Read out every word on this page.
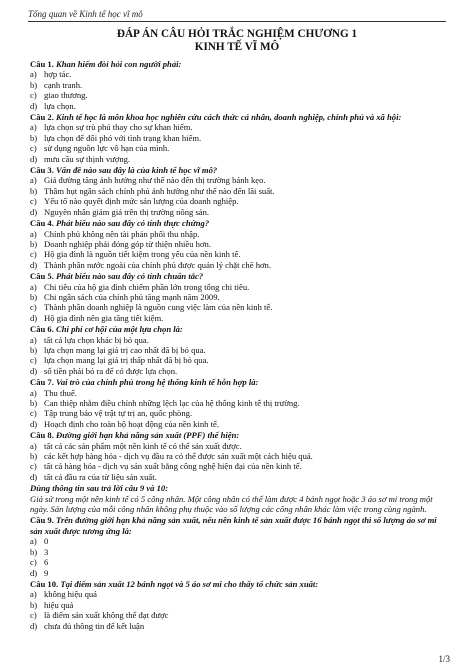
Tổng quan về Kinh tế học vĩ mô
ĐÁP ÁN CÂU HỎI TRẮC NGHIỆM CHƯƠNG 1
KINH TẾ VĨ MÔ
Câu 1. Khan hiếm đòi hỏi con người phải:
a) hợp tác.
b) cạnh tranh.
c) giao thương.
d) lựa chọn.
Câu 2. Kinh tế học là môn khoa học nghiên cứu cách thức cá nhân, doanh nghiệp, chính phủ và xã hội:
a) lựa chọn sự trù phú thay cho sự khan hiếm.
b) lựa chọn để đối phó với tình trạng khan hiếm.
c) sử dụng nguồn lực vô hạn của mình.
d) mưu cầu sự thịnh vượng.
Câu 3. Vấn đề nào sau đây là của kinh tế học vĩ mô?
a) Giá đường tăng ảnh hưởng như thế nào đến thị trường bánh kẹo.
b) Thâm hụt ngân sách chính phủ ảnh hưởng như thế nào đến lãi suất.
c) Yếu tố nào quyết định mức sản lượng của doanh nghiệp.
d) Nguyên nhân giảm giá trên thị trường nông sản.
Câu 4. Phát biểu nào sau đây có tính thực chứng?
a) Chính phủ không nên tài phán phối thu nhập.
b) Doanh nghiệp phải đóng góp từ thiện nhiều hơn.
c) Hộ gia đình là nguồn tiết kiệm trong yếu của nền kinh tế.
d) Thành phần nước ngoài của chính phủ được quản lý chặt chẽ hơn.
Câu 5. Phát biểu nào sau đây có tính chuẩn tắc?
a) Chi tiêu của hộ gia đình chiếm phần lớn trong tổng chi tiêu.
b) Chi ngân sách của chính phủ tăng mạnh năm 2009.
c) Thành phần doanh nghiệp là nguồn cung việc làm của nền kinh tế.
d) Hộ gia đình nên gia tăng tiết kiệm.
Câu 6. Chi phí cơ hội của một lựa chọn là:
a) tất cả lựa chọn khác bị bỏ qua.
b) lựa chọn mang lại giá trị cao nhất đã bị bỏ qua.
c) lựa chọn mang lại giá trị thấp nhất đã bị bỏ qua.
d) số tiền phải bỏ ra để có được lựa chọn.
Câu 7. Vai trò của chính phủ trong hệ thống kinh tế hỗn hợp là:
a) Thu thuế.
b) Can thiệp nhằm điều chỉnh những lệch lạc của hệ thống kinh tế thị trường.
c) Tập trung bảo vệ trật tự trị an, quốc phòng.
d) Hoạch định cho toàn bộ hoạt động của nền kinh tế.
Câu 8. Đường giới hạn khả năng sản xuất (PPF) thể hiện:
a) tất cả các sản phẩm một nền kinh tế có thể sản xuất được.
b) các kết hợp hàng hóa - dịch vụ đầu ra có thể được sản xuất một cách hiệu quả.
c) tất cả hàng hóa - dịch vụ sản xuất bằng công nghệ hiện đại của nền kinh tế.
d) tất cả đầu ra của từ liệu sản xuất.
Dùng thông tin sau trả lời câu 9 và 10:
Giả sử trong một nền kinh tế có 5 công nhân. Một công nhân có thể làm được 4 bánh ngọt hoặc 3 áo sơ mi trong một ngày. Sản lượng của mỗi công nhân không phụ thuộc vào số lượng các công nhân khác làm việc trong cùng ngành.
Câu 9. Trên đường giới hạn khả năng sản xuất, nếu nền kinh tế sản xuất được 16 bánh ngọt thì số lượng áo sơ mi sản xuất được tương ứng là:
a) 0
b) 3
c) 6
d) 9
Câu 10. Tại điểm sản xuất 12 bánh ngọt và 5 áo sơ mi cho thấy tổ chức sản xuất:
a) không hiệu quả
b) hiệu quả
c) là điểm sản xuất không thể đạt được
d) chưa đủ thông tin để kết luận
1/3
